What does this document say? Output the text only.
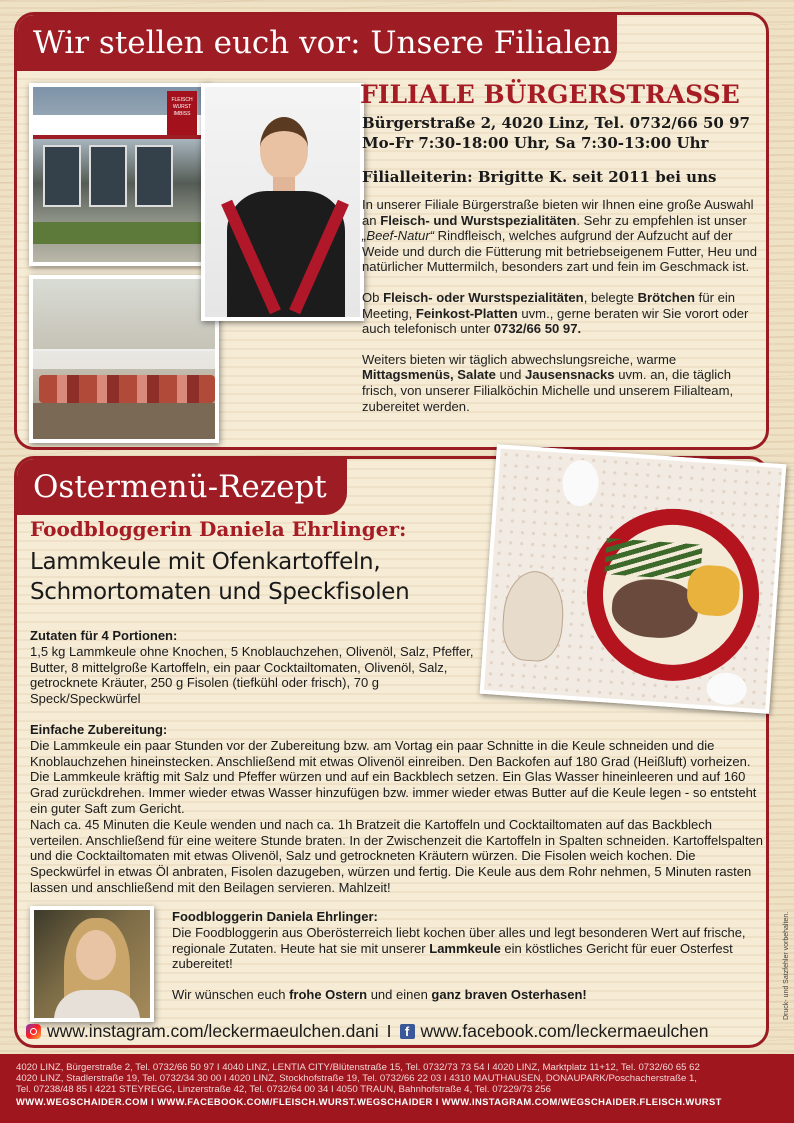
Wir stellen euch vor: Unsere Filialen
FLEISCH WURST IMBISS
FILIALE BÜRGERSTRASSE
Bürgerstraße 2, 4020 Linz, Tel. 0732/66 50 97
Mo-Fr 7:30-18:00 Uhr, Sa 7:30-13:00 Uhr
Filialleiterin: Brigitte K. seit 2011 bei uns

In unserer Filiale Bürgerstraße bieten wir Ihnen eine große Auswahl an Fleisch- und Wurstspezialitäten. Sehr zu empfehlen ist unser „Beef-Natur“ Rindfleisch, welches aufgrund der Aufzucht auf der Weide und durch die Fütterung mit betriebseigenem Futter, Heu und natürlicher Muttermilch, besonders zart und fein im Geschmack ist.

Ob Fleisch- oder Wurstspezialitäten, belegte Brötchen für ein Meeting, Feinkost-Platten uvm., gerne beraten wir Sie vorort oder auch telefonisch unter 0732/66 50 97.

Weiters bieten wir täglich abwechslungsreiche, warme Mittagsmenüs, Salate und Jausensnacks uvm. an, die täglich frisch, von unserer Filialköchin Michelle und unserem Filialteam, zubereitet werden.

Ostermenü-Rezept
Foodbloggerin Daniela Ehrlinger:
Lammkeule mit Ofenkartoffeln, Schmortomaten und Speckfisolen
Zutaten für 4 Portionen:
1,5 kg Lammkeule ohne Knochen, 5 Knoblauchzehen, Olivenöl, Salz, Pfeffer, Butter, 8 mittelgroße Kartoffeln, ein paar Cocktailtomaten, Olivenöl, Salz, getrocknete Kräuter, 250 g Fisolen (tiefkühl oder frisch), 70 g Speck/Speckwürfel
Einfache Zubereitung:
Die Lammkeule ein paar Stunden vor der Zubereitung bzw. am Vortag ein paar Schnitte in die Keule schneiden und die Knoblauchzehen hineinstecken. Anschließend mit etwas Olivenöl einreiben. Den Backofen auf 180 Grad (Heißluft) vorheizen. Die Lammkeule kräftig mit Salz und Pfeffer würzen und auf ein Backblech setzen. Ein Glas Wasser hineinleeren und auf 160 Grad zurückdrehen. Immer wieder etwas Wasser hinzufügen bzw. immer wieder etwas Butter auf die Keule legen - so entsteht ein guter Saft zum Gericht.
Nach ca. 45 Minuten die Keule wenden und nach ca. 1h Bratzeit die Kartoffeln und Cocktailtomaten auf das Backblech verteilen. Anschließend für eine weitere Stunde braten. In der Zwischenzeit die Kartoffeln in Spalten schneiden. Kartoffelspalten und die Cocktailtomaten mit etwas Olivenöl, Salz und getrockneten Kräutern würzen. Die Fisolen weich kochen. Die Speckwürfel in etwas Öl anbraten, Fisolen dazugeben, würzen und fertig. Die Keule aus dem Rohr nehmen, 5 Minuten rasten lassen und anschließend mit den Beilagen servieren. Mahlzeit!
Foodbloggerin Daniela Ehrlinger:
Die Foodbloggerin aus Oberösterreich liebt kochen über alles und legt besonderen Wert auf frische, regionale Zutaten. Heute hat sie mit unserer Lammkeule ein köstliches Gericht für euer Osterfest zubereitet!
Wir wünschen euch frohe Ostern und einen ganz braven Osterhasen!
www.instagram.com/leckermaeulchen.dani I	f www.facebook.com/leckermaeulchen
Druck- und Satzfehler vorbehalten.
4020 LINZ, Bürgerstraße 2, Tel. 0732/66 50 97 I 4040 LINZ, LENTIA CITY/Blütenstraße 15, Tel. 0732/73 73 54 I 4020 LINZ, Marktplatz 11+12, Tel. 0732/60 65 62
4020 LINZ, Stadlerstraße 19, Tel. 0732/34 30 00 I 4020 LINZ, Stockhofstraße 19, Tel. 0732/66 22 03 I 4310 MAUTHAUSEN, DONAUPARK/Poschacherstraße 1,
Tel. 07238/48 85 I 4221 STEYREGG, Linzerstraße 42, Tel. 0732/64 00 34 I 4050 TRAUN, Bahnhofstraße 4, Tel. 07229/73 256
WWW.WEGSCHAIDER.COM I WWW.FACEBOOK.COM/FLEISCH.WURST.WEGSCHAIDER I WWW.INSTAGRAM.COM/WEGSCHAIDER.FLEISCH.WURST
